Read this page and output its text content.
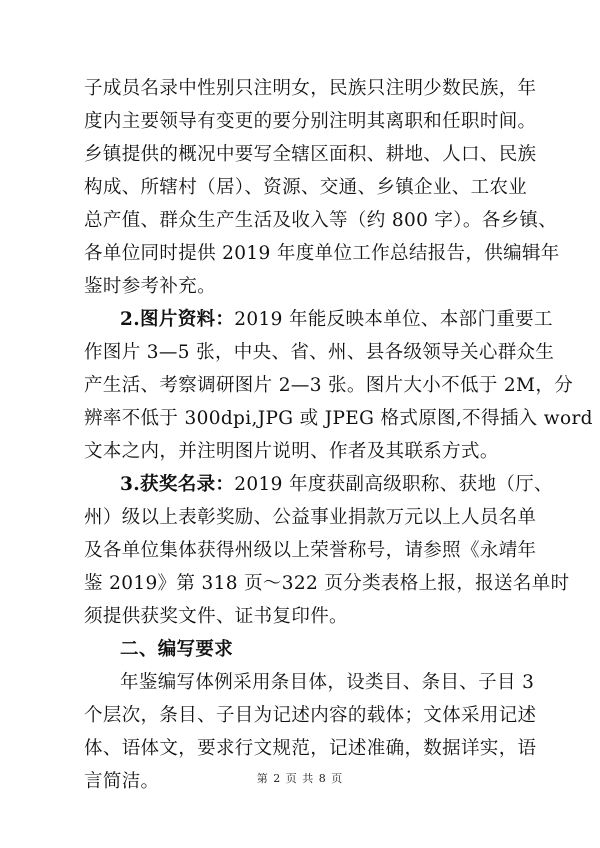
子成员名录中性别只注明女，民族只注明少数民族，年
度内主要领导有变更的要分别注明其离职和任职时间。
乡镇提供的概况中要写全辖区面积、耕地、人口、民族
构成、所辖村（居）、资源、交通、乡镇企业、工农业
总产值、群众生产生活及收入等（约 800 字）。各乡镇、
各单位同时提供 2019 年度单位工作总结报告，供编辑年
鉴时参考补充。
2.图片资料：2019 年能反映本单位、本部门重要工
作图片 3—5 张，中央、省、州、县各级领导关心群众生
产生活、考察调研图片 2—3 张。图片大小不低于 2M，分
辨率不低于 300dpi,JPG 或 JPEG 格式原图,不得插入 word
文本之内，并注明图片说明、作者及其联系方式。
3.获奖名录：2019 年度获副高级职称、获地（厅、
州）级以上表彰奖励、公益事业捐款万元以上人员名单
及各单位集体获得州级以上荣誉称号，请参照《永靖年
鉴 2019》第 318 页～322 页分类表格上报，报送名单时
须提供获奖文件、证书复印件。
二、编写要求
年鉴编写体例采用条目体，设类目、条目、子目 3
个层次，条目、子目为记述内容的载体；文体采用记述
体、语体文，要求行文规范，记述准确，数据详实，语
言简洁。	第 2 页 共 8 页
